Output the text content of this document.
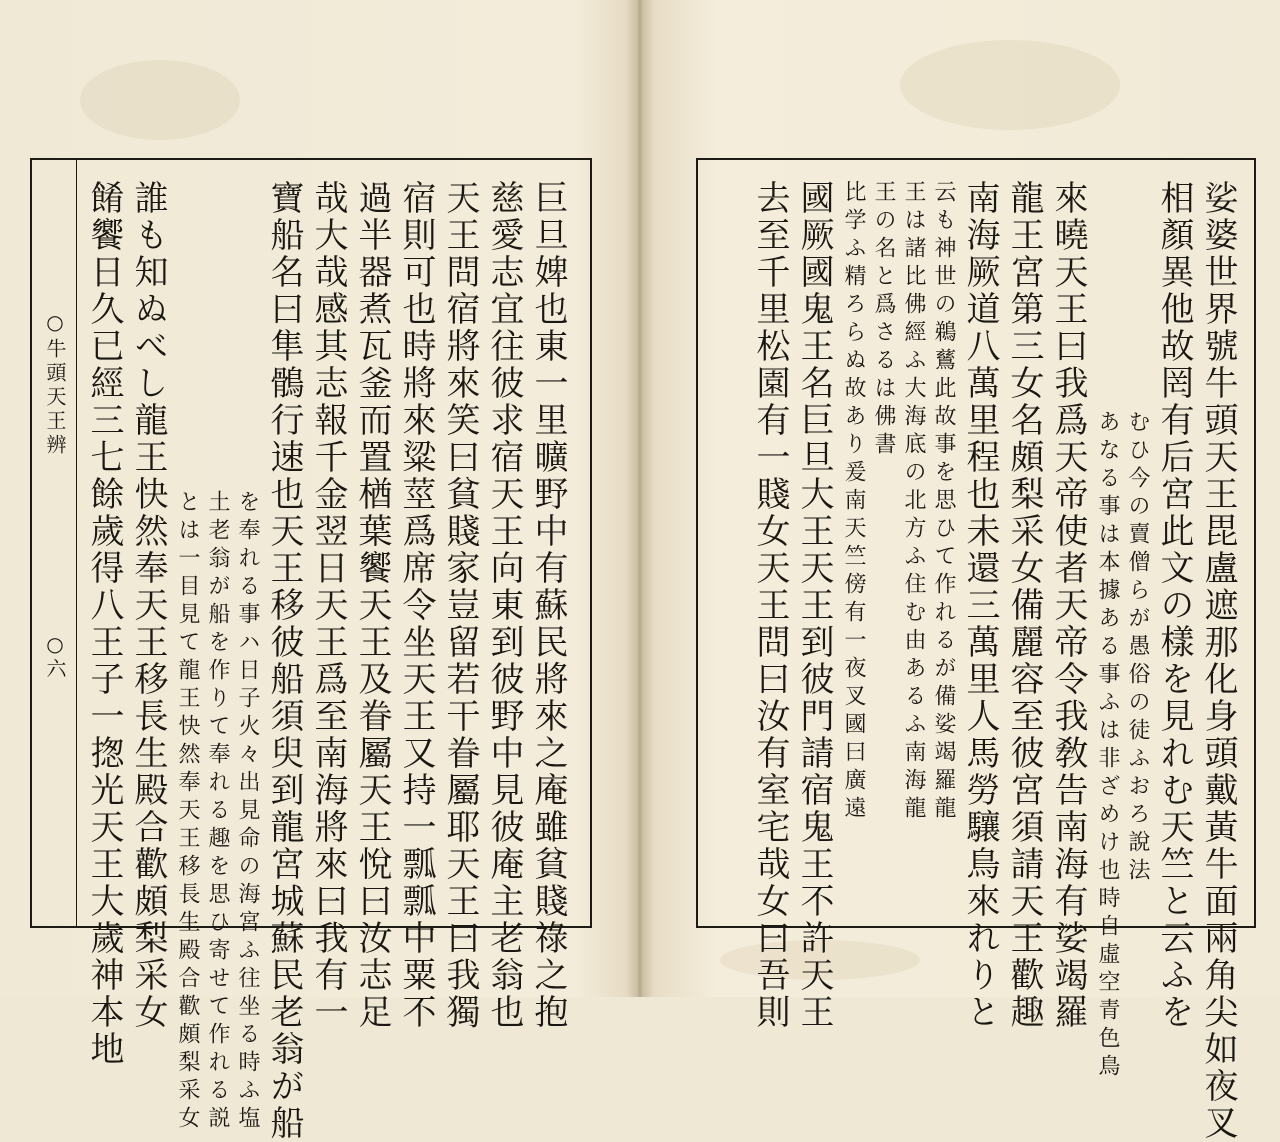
○牛頭天王辨
○六	巨旦婢也東一里曠野中有蘇民將來之庵雖貧賤祿之抱
慈愛志宜往彼求宿天王向東到彼野中見彼庵主老翁也
天王問宿將來笑曰貧賤家豈留若干眷屬耶天王曰我獨
宿則可也時將來粱莖爲席令坐天王又持一瓢瓢中粟不
過半器煮瓦釜而置楢葉饗天王及眷屬天王悅曰汝志足
哉大哉感其志報千金翌日天王爲至南海將來曰我有一
寶船名曰隼鶻行速也天王移彼船須臾到龍宮城蘇民老翁が船
を奉れる事ハ日子火々出見命の海宮ふ往坐る時ふ塩
土老翁が船を作りて奉れる趣を思ひ寄せて作れる説
とは一目見て龍王快然奉天王移長生殿合歡頗梨采女
誰も知ぬべし龍王快然奉天王移長生殿合歡頗梨采女
餚饗日久已經三七餘歲得八王子一揔光天王大歲神本地	娑婆世界號牛頭天王毘盧遮那化身頭戴黃牛面兩角尖如夜叉
相顏異他故罔有后宮此文の樣を見れむ天竺と云ふを
むひ今の賣僧らが愚俗の徒ふおろ說法
あなる事は本據ある事ふは非ざめけ也時自虛空青色鳥
來曉天王曰我爲天帝使者天帝令我敎告南海有娑竭羅
龍王宮第三女名頗梨采女備麗容至彼宮須請天王歡趣
南海厥道八萬里程也未還三萬里人馬勞驤鳥來れりと
云も神世の鵜鶿此故事を思ひて作れるが備娑竭羅龍
王は諸比佛經ふ大海底の北方ふ住む由あるふ南海龍
王の名と爲さるは佛書
比学ふ精ろらぬ故あり爰南天竺傍有一夜叉國曰廣遠
國厥國鬼王名巨旦大王天王到彼門請宿鬼王不許天王
去至千里松園有一賤女天王問曰汝有室宅哉女曰吾則
